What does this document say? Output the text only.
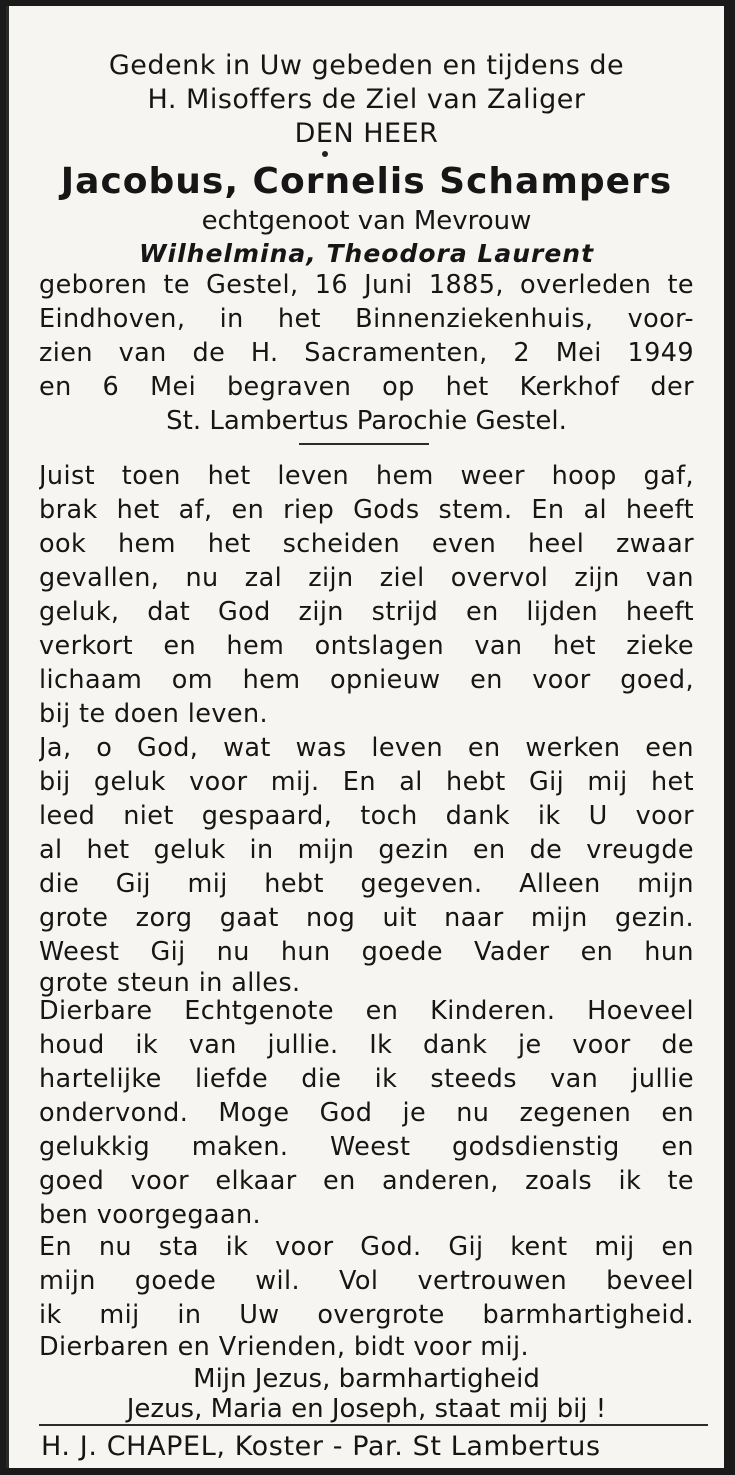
Gedenk in Uw gebeden en tijdens de
H. Misoffers de Ziel van Zaliger
DEN HEER
Jacobus, Cornelis Schampers
echtgenoot van Mevrouw
Wilhelmina, Theodora Laurent
geboren te Gestel, 16 Juni 1885, overleden te
Eindhoven, in het Binnenziekenhuis, voor-
zien van de H. Sacramenten, 2 Mei 1949
en 6 Mei begraven op het Kerkhof der
St. Lambertus Parochie Gestel.
Juist toen het leven hem weer hoop gaf,
brak het af, en riep Gods stem. En al heeft
ook hem het scheiden even heel zwaar
gevallen, nu zal zijn ziel overvol zijn van
geluk, dat God zijn strijd en lijden heeft
verkort en hem ontslagen van het zieke
lichaam om hem opnieuw en voor goed,
bij te doen leven.
Ja, o God, wat was leven en werken een
bij geluk voor mij. En al hebt Gij mij het
leed niet gespaard, toch dank ik U voor
al het geluk in mijn gezin en de vreugde
die Gij mij hebt gegeven. Alleen mijn
grote zorg gaat nog uit naar mijn gezin.
Weest Gij nu hun goede Vader en hun
grote steun in alles.
Dierbare Echtgenote en Kinderen. Hoeveel
houd ik van jullie. Ik dank je voor de
hartelijke liefde die ik steeds van jullie
ondervond. Moge God je nu zegenen en
gelukkig maken. Weest godsdienstig en
goed voor elkaar en anderen, zoals ik te
ben voorgegaan.
En nu sta ik voor God. Gij kent mij en
mijn goede wil. Vol vertrouwen beveel
ik mij in Uw overgrote barmhartigheid.
Dierbaren en Vrienden, bidt voor mij.
Mijn Jezus, barmhartigheid
Jezus, Maria en Joseph, staat mij bij !
H. J. CHAPEL, Koster - Par. St Lambertus
